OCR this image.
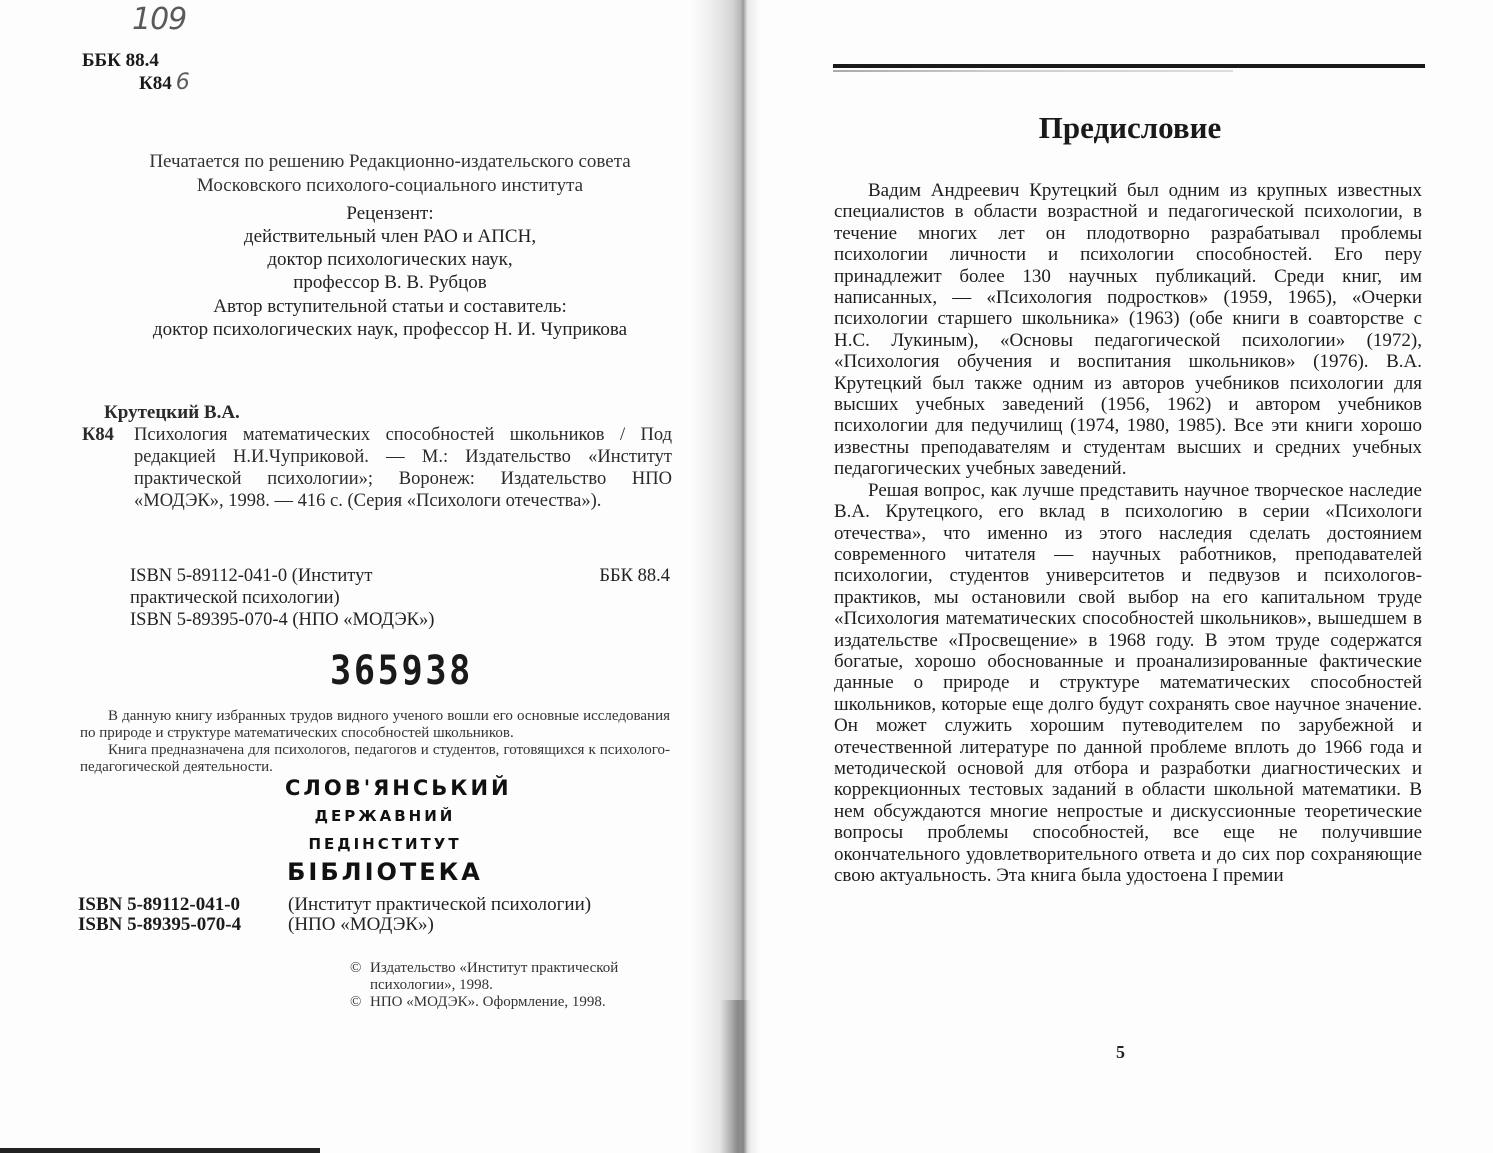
109
ББК 88.4
К84 6
Печатается по решению Редакционно-издательского совета
Московского психолого-социального института
Рецензент:
действительный член РАО и АПСН,
доктор психологических наук,
профессор В. В. Рубцов
Автор вступительной статьи и составитель:
доктор психологических наук, профессор Н. И. Чуприкова
Крутецкий В.А.
К84	Психология математических способностей школьников / Под редакцией Н.И.Чуприковой. — М.: Издательство «Институт практической психологии»; Воронеж: Издательство НПО «МОДЭК», 1998. — 416 с. (Серия «Психологи отечества»).
ISBN 5-89112-041-0 (Институт	ББК 88.4
практической психологии)
ISBN 5-89395-070-4 (НПО «МОДЭК»)
365938

В данную книгу избранных трудов видного ученого вошли его основные исследования по природе и структуре математических способностей школьников.

Книга предназначена для психологов, педагогов и студентов, готовящихся к психолого-педагогической деятельности.

СЛОВ'ЯНСЬКИЙ
ДЕРЖАВНИЙ
ПЕДІНСТИТУТ
БІБЛІОТЕКА
ISBN 5-89112-041-0	(Институт практической психологии)
ISBN 5-89395-070-4	(НПО «МОДЭК»)
© Издательство «Институт практической психологии», 1998.
© НПО «МОДЭК». Оформление, 1998.
Предисловие

Вадим Андреевич Крутецкий был одним из крупных известных специалистов в области возрастной и педагогической психологии, в течение многих лет он плодотворно разрабатывал проблемы психологии личности и психологии способностей. Его перу принадлежит более 130 научных публикаций. Среди книг, им написанных, — «Психология подростков» (1959, 1965), «Очерки психологии старшего школьника» (1963) (обе книги в соавторстве с Н.С. Лукиным), «Основы педагогической психологии» (1972), «Психология обучения и воспитания школьников» (1976). В.А. Крутецкий был также одним из авторов учебников психологии для высших учебных заведений (1956, 1962) и автором учебников психологии для педучилищ (1974, 1980, 1985). Все эти книги хорошо известны преподавателям и студентам высших и средних учебных педагогических учебных заведений.

Решая вопрос, как лучше представить научное творческое наследие В.А. Крутецкого, его вклад в психологию в серии «Психологи отечества», что именно из этого наследия сделать достоянием современного читателя — научных работников, преподавателей психологии, студентов университетов и педвузов и психологов-практиков, мы остановили свой выбор на его капитальном труде «Психология математических способностей школьников», вышедшем в издательстве «Просвещение» в 1968 году. В этом труде содержатся богатые, хорошо обоснованные и проанализированные фактические данные о природе и структуре математических способностей школьников, которые еще долго будут сохранять свое научное значение. Он может служить хорошим путеводителем по зарубежной и отечественной литературе по данной проблеме вплоть до 1966 года и методической основой для отбора и разработки диагностических и коррекционных тестовых заданий в области школьной математики. В нем обсуждаются многие непростые и дискуссионные теоретические вопросы проблемы способностей, все еще не получившие окончательного удовлетворительного ответа и до сих пор сохраняющие свою актуальность. Эта книга была удостоена I премии

5
